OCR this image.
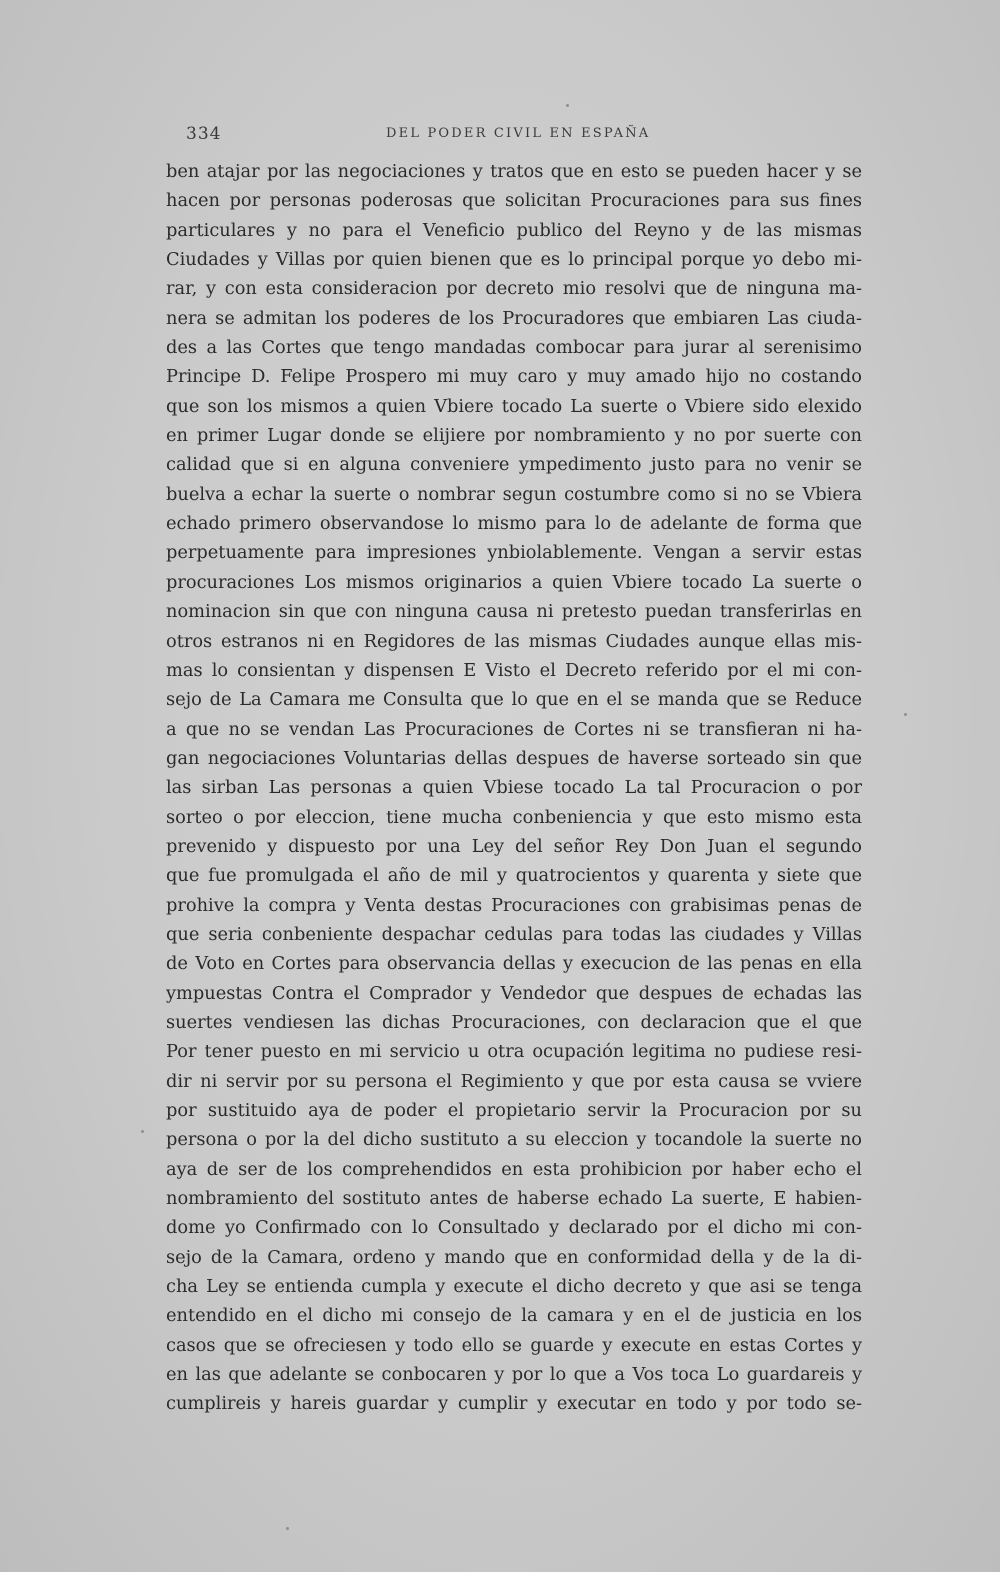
334	DEL PODER CIVIL EN ESPAÑA
ben atajar por las negociaciones y tratos que en esto se pueden hacer y se
hacen por personas poderosas que solicitan Procuraciones para sus fines
particulares y no para el Veneficio publico del Reyno y de las mismas
Ciudades y Villas por quien bienen que es lo principal porque yo debo mi-
rar, y con esta consideracion por decreto mio resolvi que de ninguna ma-
nera se admitan los poderes de los Procuradores que embiaren Las ciuda-
des a las Cortes que tengo mandadas combocar para jurar al serenisimo
Principe D. Felipe Prospero mi muy caro y muy amado hijo no costando
que son los mismos a quien Vbiere tocado La suerte o Vbiere sido elexido
en primer Lugar donde se elijiere por nombramiento y no por suerte con
calidad que si en alguna conveniere ympedimento justo para no venir se
buelva a echar la suerte o nombrar segun costumbre como si no se Vbiera
echado primero observandose lo mismo para lo de adelante de forma que
perpetuamente para impresiones ynbiolablemente. Vengan a servir estas
procuraciones Los mismos originarios a quien Vbiere tocado La suerte o
nominacion sin que con ninguna causa ni pretesto puedan transferirlas en
otros estranos ni en Regidores de las mismas Ciudades aunque ellas mis-
mas lo consientan y dispensen E Visto el Decreto referido por el mi con-
sejo de La Camara me Consulta que lo que en el se manda que se Reduce
a que no se vendan Las Procuraciones de Cortes ni se transfieran ni ha-
gan negociaciones Voluntarias dellas despues de haverse sorteado sin que
las sirban Las personas a quien Vbiese tocado La tal Procuracion o por
sorteo o por eleccion, tiene mucha conbeniencia y que esto mismo esta
prevenido y dispuesto por una Ley del señor Rey Don Juan el segundo
que fue promulgada el año de mil y quatrocientos y quarenta y siete que
prohive la compra y Venta destas Procuraciones con grabisimas penas de
que seria conbeniente despachar cedulas para todas las ciudades y Villas
de Voto en Cortes para observancia dellas y execucion de las penas en ella
ympuestas Contra el Comprador y Vendedor que despues de echadas las
suertes vendiesen las dichas Procuraciones, con declaracion que el que
Por tener puesto en mi servicio u otra ocupación legitima no pudiese resi-
dir ni servir por su persona el Regimiento y que por esta causa se vviere
por sustituido aya de poder el propietario servir la Procuracion por su
persona o por la del dicho sustituto a su eleccion y tocandole la suerte no
aya de ser de los comprehendidos en esta prohibicion por haber echo el
nombramiento del sostituto antes de haberse echado La suerte, E habien-
dome yo Confirmado con lo Consultado y declarado por el dicho mi con-
sejo de la Camara, ordeno y mando que en conformidad della y de la di-
cha Ley se entienda cumpla y execute el dicho decreto y que asi se tenga
entendido en el dicho mi consejo de la camara y en el de justicia en los
casos que se ofreciesen y todo ello se guarde y execute en estas Cortes y
en las que adelante se conbocaren y por lo que a Vos toca Lo guardareis y
cumplireis y hareis guardar y cumplir y executar en todo y por todo se-
